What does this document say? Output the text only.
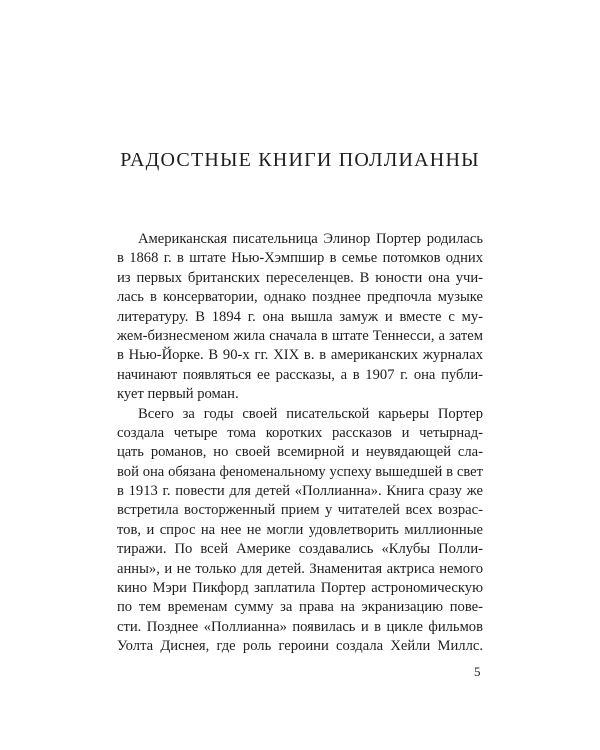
РАДОСТНЫЕ КНИГИ ПОЛЛИАННЫ
Американская писательница Элинор Портер родилась
в 1868 г. в штате Нью-Хэмпшир в семье потомков одних
из первых британских переселенцев. В юности она учи-
лась в консерватории, однако позднее предпочла музыке
литературу. В 1894 г. она вышла замуж и вместе с му-
жем-бизнесменом жила сначала в штате Теннесси, а затем
в Нью-Йорке. В 90-х гг. XIX в. в американских журналах
начинают появляться ее рассказы, а в 1907 г. она публи-
кует первый роман.
Всего за годы своей писательской карьеры Портер
создала четыре тома коротких рассказов и четырнад-
цать романов, но своей всемирной и неувядающей сла-
вой она обязана феноменальному успеху вышедшей в свет
в 1913 г. повести для детей «Поллианна». Книга сразу же
встретила восторженный прием у читателей всех возрас-
тов, и спрос на нее не могли удовлетворить миллионные
тиражи. По всей Америке создавались «Клубы Полли-
анны», и не только для детей. Знаменитая актриса немого
кино Мэри Пикфорд заплатила Портер астрономическую
по тем временам сумму за права на экранизацию пове-
сти. Позднее «Поллианна» появилась и в цикле фильмов
Уолта Диснея, где роль героини создала Хейли Миллс.
5
